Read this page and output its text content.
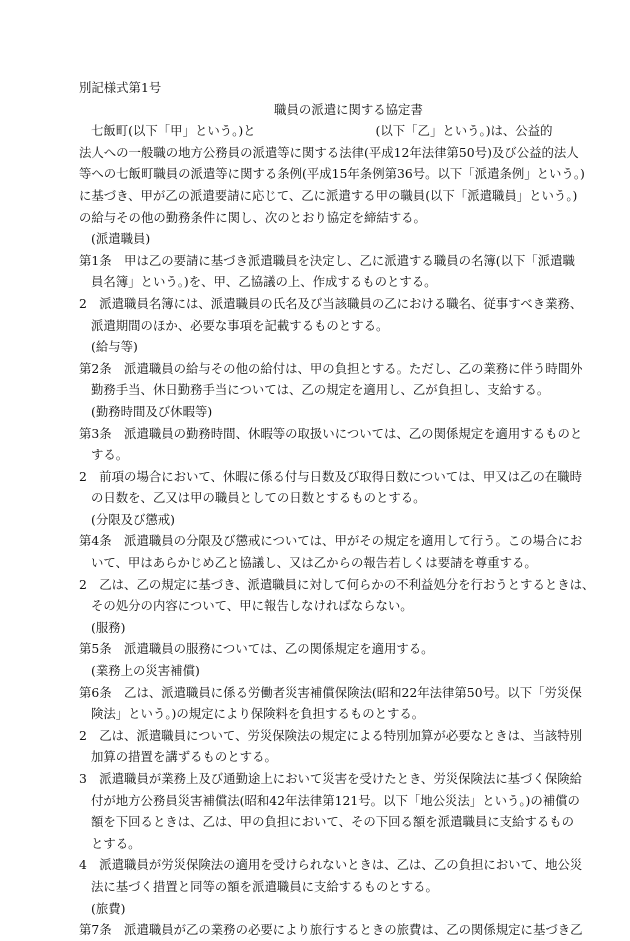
別記様式第1号
職員の派遣に関する協定書
七飯町(以下「甲」という。)と	(以下「乙」という。)は、公益的
法人への一般職の地方公務員の派遣等に関する法律(平成12年法律第50号)及び公益的法人
等への七飯町職員の派遣等に関する条例(平成15年条例第36号。以下「派遣条例」という。)
に基づき、甲が乙の派遣要請に応じて、乙に派遣する甲の職員(以下「派遣職員」という。)
の給与その他の勤務条件に関し、次のとおり協定を締結する。
(派遣職員)
第1条　甲は乙の要請に基づき派遣職員を決定し、乙に派遣する職員の名簿(以下「派遣職
員名簿」という。)を、甲、乙協議の上、作成するものとする。
2　派遣職員名簿には、派遣職員の氏名及び当該職員の乙における職名、従事すべき業務、
派遣期間のほか、必要な事項を記載するものとする。
(給与等)
第2条　派遣職員の給与その他の給付は、甲の負担とする。ただし、乙の業務に伴う時間外
勤務手当、休日勤務手当については、乙の規定を適用し、乙が負担し、支給する。
(勤務時間及び休暇等)
第3条　派遣職員の勤務時間、休暇等の取扱いについては、乙の関係規定を適用するものと
する。
2　前項の場合において、休暇に係る付与日数及び取得日数については、甲又は乙の在職時
の日数を、乙又は甲の職員としての日数とするものとする。
(分限及び懲戒)
第4条　派遣職員の分限及び懲戒については、甲がその規定を適用して行う。この場合にお
いて、甲はあらかじめ乙と協議し、又は乙からの報告若しくは要請を尊重する。
2　乙は、乙の規定に基づき、派遣職員に対して何らかの不利益処分を行おうとするときは、
その処分の内容について、甲に報告しなければならない。
(服務)
第5条　派遣職員の服務については、乙の関係規定を適用する。
(業務上の災害補償)
第6条　乙は、派遣職員に係る労働者災害補償保険法(昭和22年法律第50号。以下「労災保
険法」という。)の規定により保険料を負担するものとする。
2　乙は、派遣職員について、労災保険法の規定による特別加算が必要なときは、当該特別
加算の措置を講ずるものとする。
3　派遣職員が業務上及び通勤途上において災害を受けたとき、労災保険法に基づく保険給
付が地方公務員災害補償法(昭和42年法律第121号。以下「地公災法」という。)の補償の
額を下回るときは、乙は、甲の負担において、その下回る額を派遣職員に支給するもの
とする。
4　派遣職員が労災保険法の適用を受けられないときは、乙は、乙の負担において、地公災
法に基づく措置と同等の額を派遣職員に支給するものとする。
(旅費)
第7条　派遣職員が乙の業務の必要により旅行するときの旅費は、乙の関係規定に基づき乙
